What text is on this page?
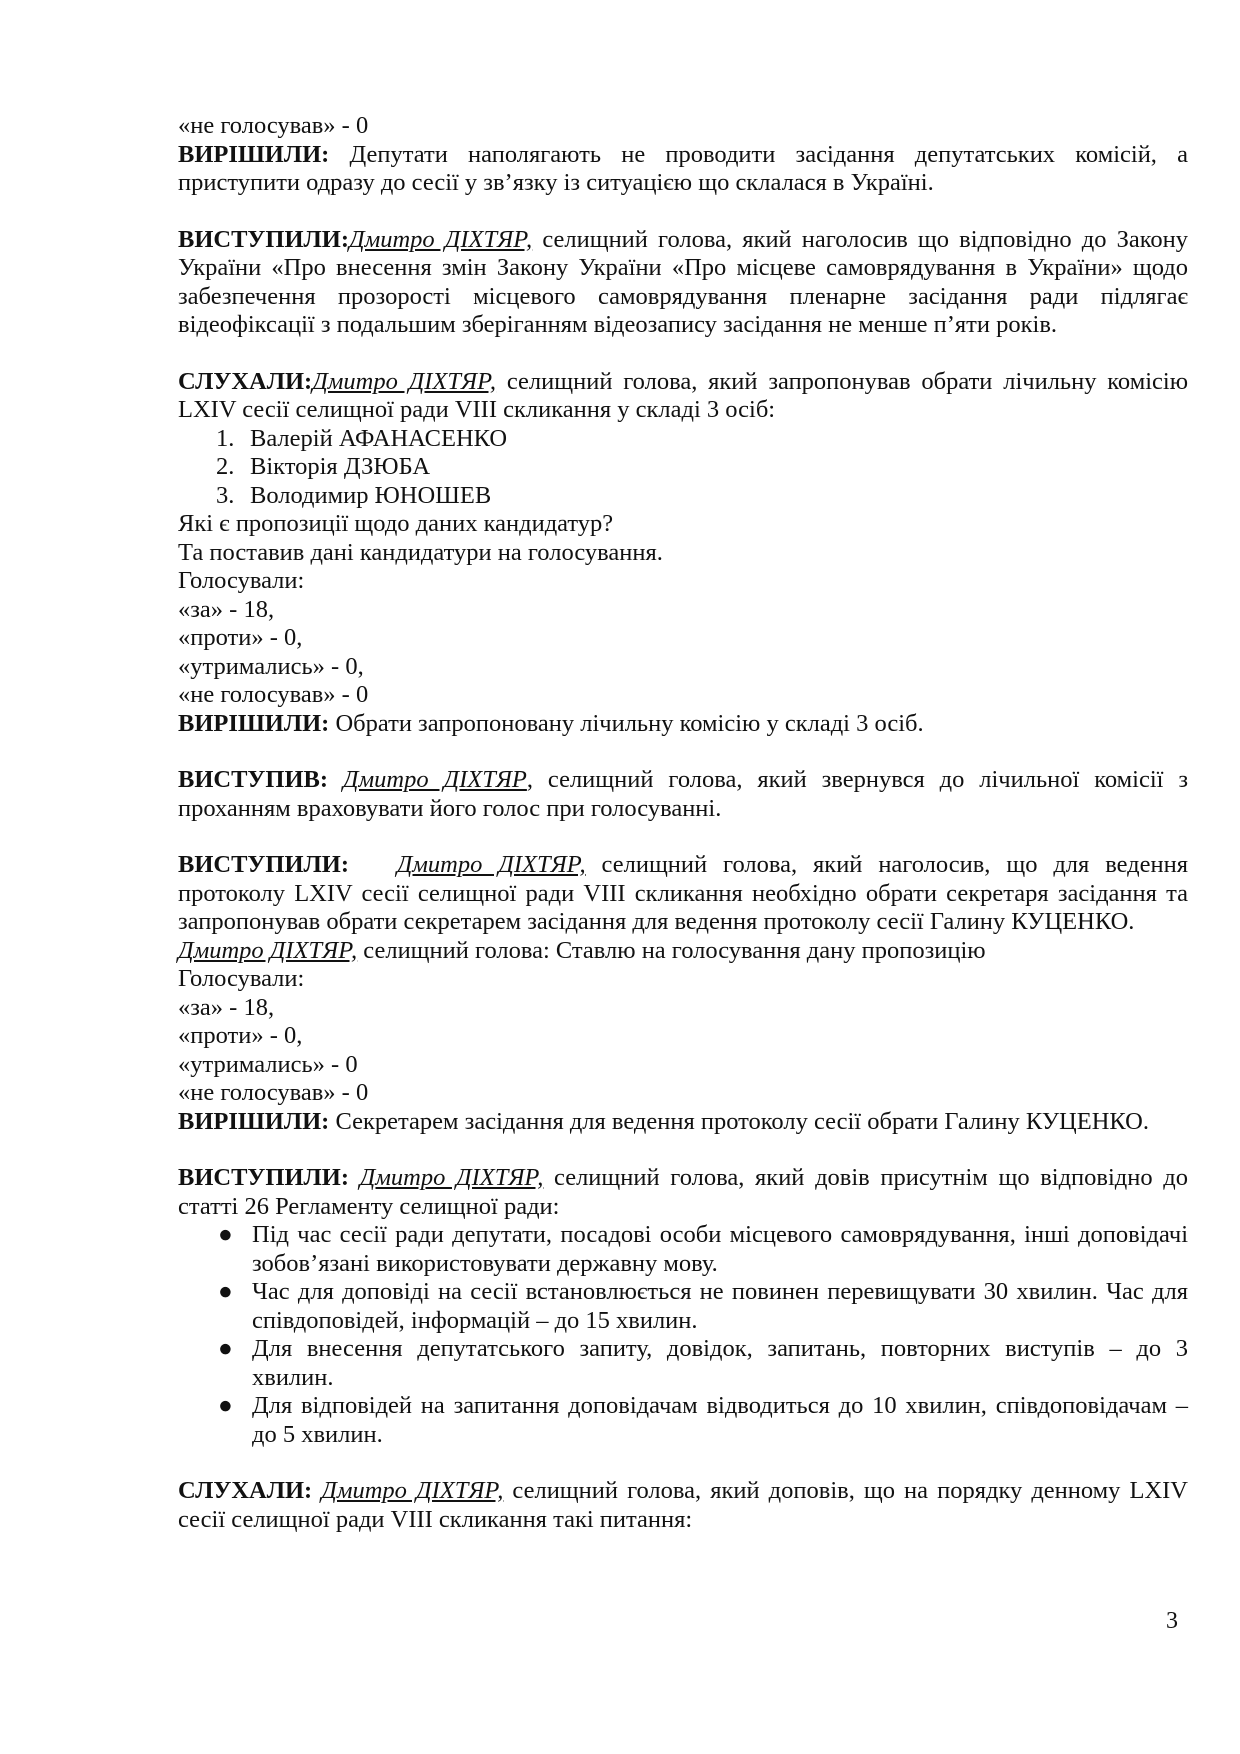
«не голосував» - 0

ВИРІШИЛИ: Депутати наполягають не проводити засідання депутатських комісій, а приступити одразу до сесії у зв’язку із ситуацією що склалася в Україні.

ВИСТУПИЛИ:Дмитро ДІХТЯР, селищний голова, який наголосив що відповідно до Закону України «Про внесення змін Закону України «Про місцеве самоврядування в України» щодо забезпечення прозорості місцевого самоврядування пленарне засідання ради підлягає відеофіксації з подальшим зберіганням відеозапису засідання не менше п’яти років.

СЛУХАЛИ:Дмитро ДІХТЯР, селищний голова, який запропонував обрати лічильну комісію LXIV сесії селищної ради VIII скликання у складі 3 осіб:

1. Валерій АФАНАСЕНКО
2. Вікторія ДЗЮБА
3. Володимир ЮНОШЕВ

Які є пропозиції щодо даних кандидатур?

Та поставив дані кандидатури на голосування.

Голосували:

«за» - 18,

«проти» - 0,

«утримались» - 0,

«не голосував» - 0

ВИРІШИЛИ: Обрати запропоновану лічильну комісію у складі 3 осіб.

ВИСТУПИВ: Дмитро ДІХТЯР, селищний голова, який звернувся до лічильної комісії з проханням враховувати його голос при голосуванні.

ВИСТУПИЛИ: Дмитро ДІХТЯР, селищний голова, який наголосив, що для ведення протоколу LXIV сесії селищної ради VIII скликання необхідно обрати секретаря засідання та запропонував обрати секретарем засідання для ведення протоколу сесії Галину КУЦЕНКО.

Дмитро ДІХТЯР, селищний голова: Ставлю на голосування дану пропозицію

Голосували:

«за» - 18,

«проти» - 0,

«утримались» - 0

«не голосував» - 0

ВИРІШИЛИ: Секретарем засідання для ведення протоколу сесії обрати Галину КУЦЕНКО.

ВИСТУПИЛИ: Дмитро ДІХТЯР, селищний голова, який довів присутнім що відповідно до статті 26 Регламенту селищної ради:

● Під час сесії ради депутати, посадові особи місцевого самоврядування, інші доповідачі зобов’язані використовувати державну мову.
● Час для доповіді на сесії встановлюється не повинен перевищувати 30 хвилин. Час для співдоповідей, інформацій – до 15 хвилин.
● Для внесення депутатського запиту, довідок, запитань, повторних виступів – до 3 хвилин.
● Для відповідей на запитання доповідачам відводиться до 10 хвилин, співдоповідачам – до 5 хвилин.

СЛУХАЛИ: Дмитро ДІХТЯР, селищний голова, який доповів, що на порядку денному LXIV сесії селищної ради VIII скликання такі питання:

3
